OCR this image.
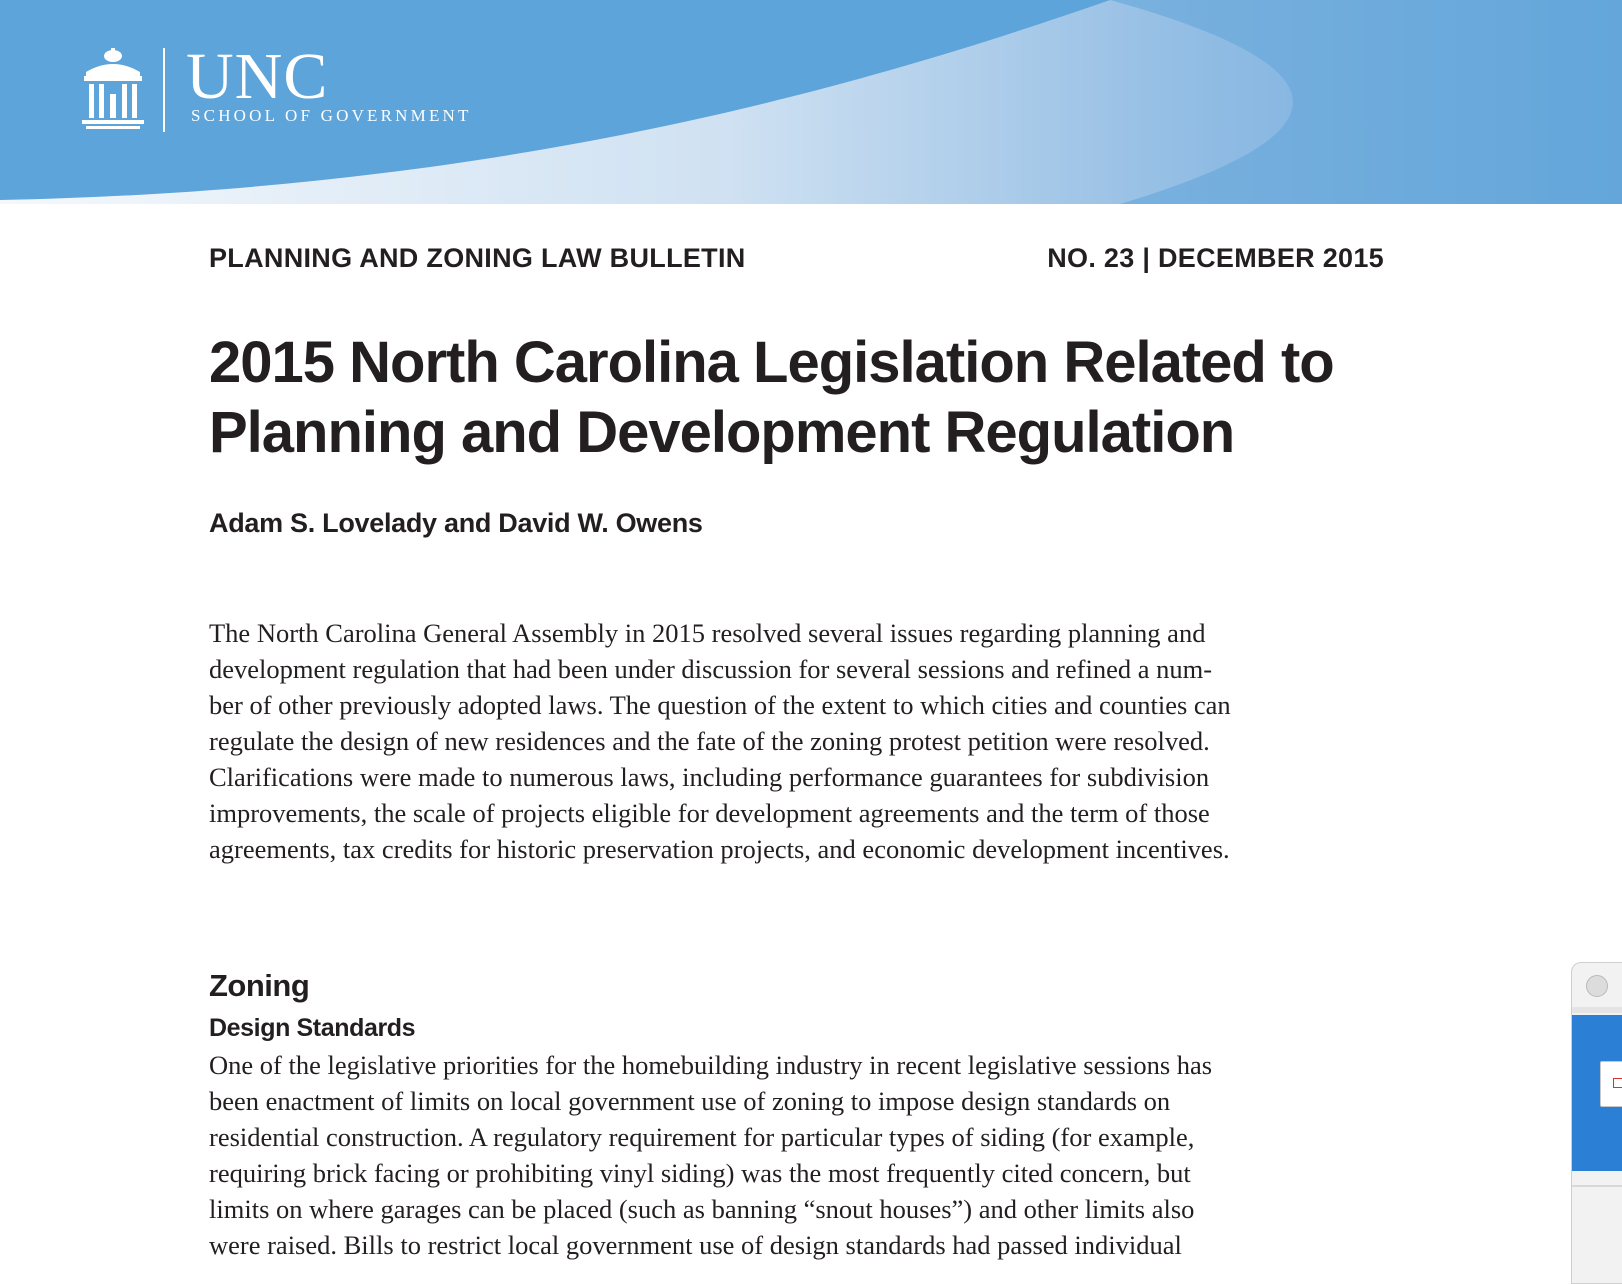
UNC
SCHOOL OF GOVERNMENT
PLANNING AND ZONING LAW BULLETIN	NO. 23 | DECEMBER 2015
2015 North Carolina Legislation Related to
Planning and Development Regulation
Adam S. Lovelady and David W. Owens
The North Carolina General Assembly in 2015 resolved several issues regarding planning and
development regulation that had been under discussion for several sessions and refined a num-
ber of other previously adopted laws. The question of the extent to which cities and counties can
regulate the design of new residences and the fate of the zoning protest petition were resolved.
Clarifications were made to numerous laws, including performance guarantees for subdivision
improvements, the scale of projects eligible for development agreements and the term of those
agreements, tax credits for historic preservation projects, and economic development incentives.
Zoning
Design Standards
One of the legislative priorities for the homebuilding industry in recent legislative sessions has
been enactment of limits on local government use of zoning to impose design standards on
residential construction. A regulatory requirement for particular types of siding (for example,
requiring brick facing or prohibiting vinyl siding) was the most frequently cited concern, but
limits on where garages can be placed (such as banning “snout houses”) and other limits also
were raised. Bills to restrict local government use of design standards had passed individual
